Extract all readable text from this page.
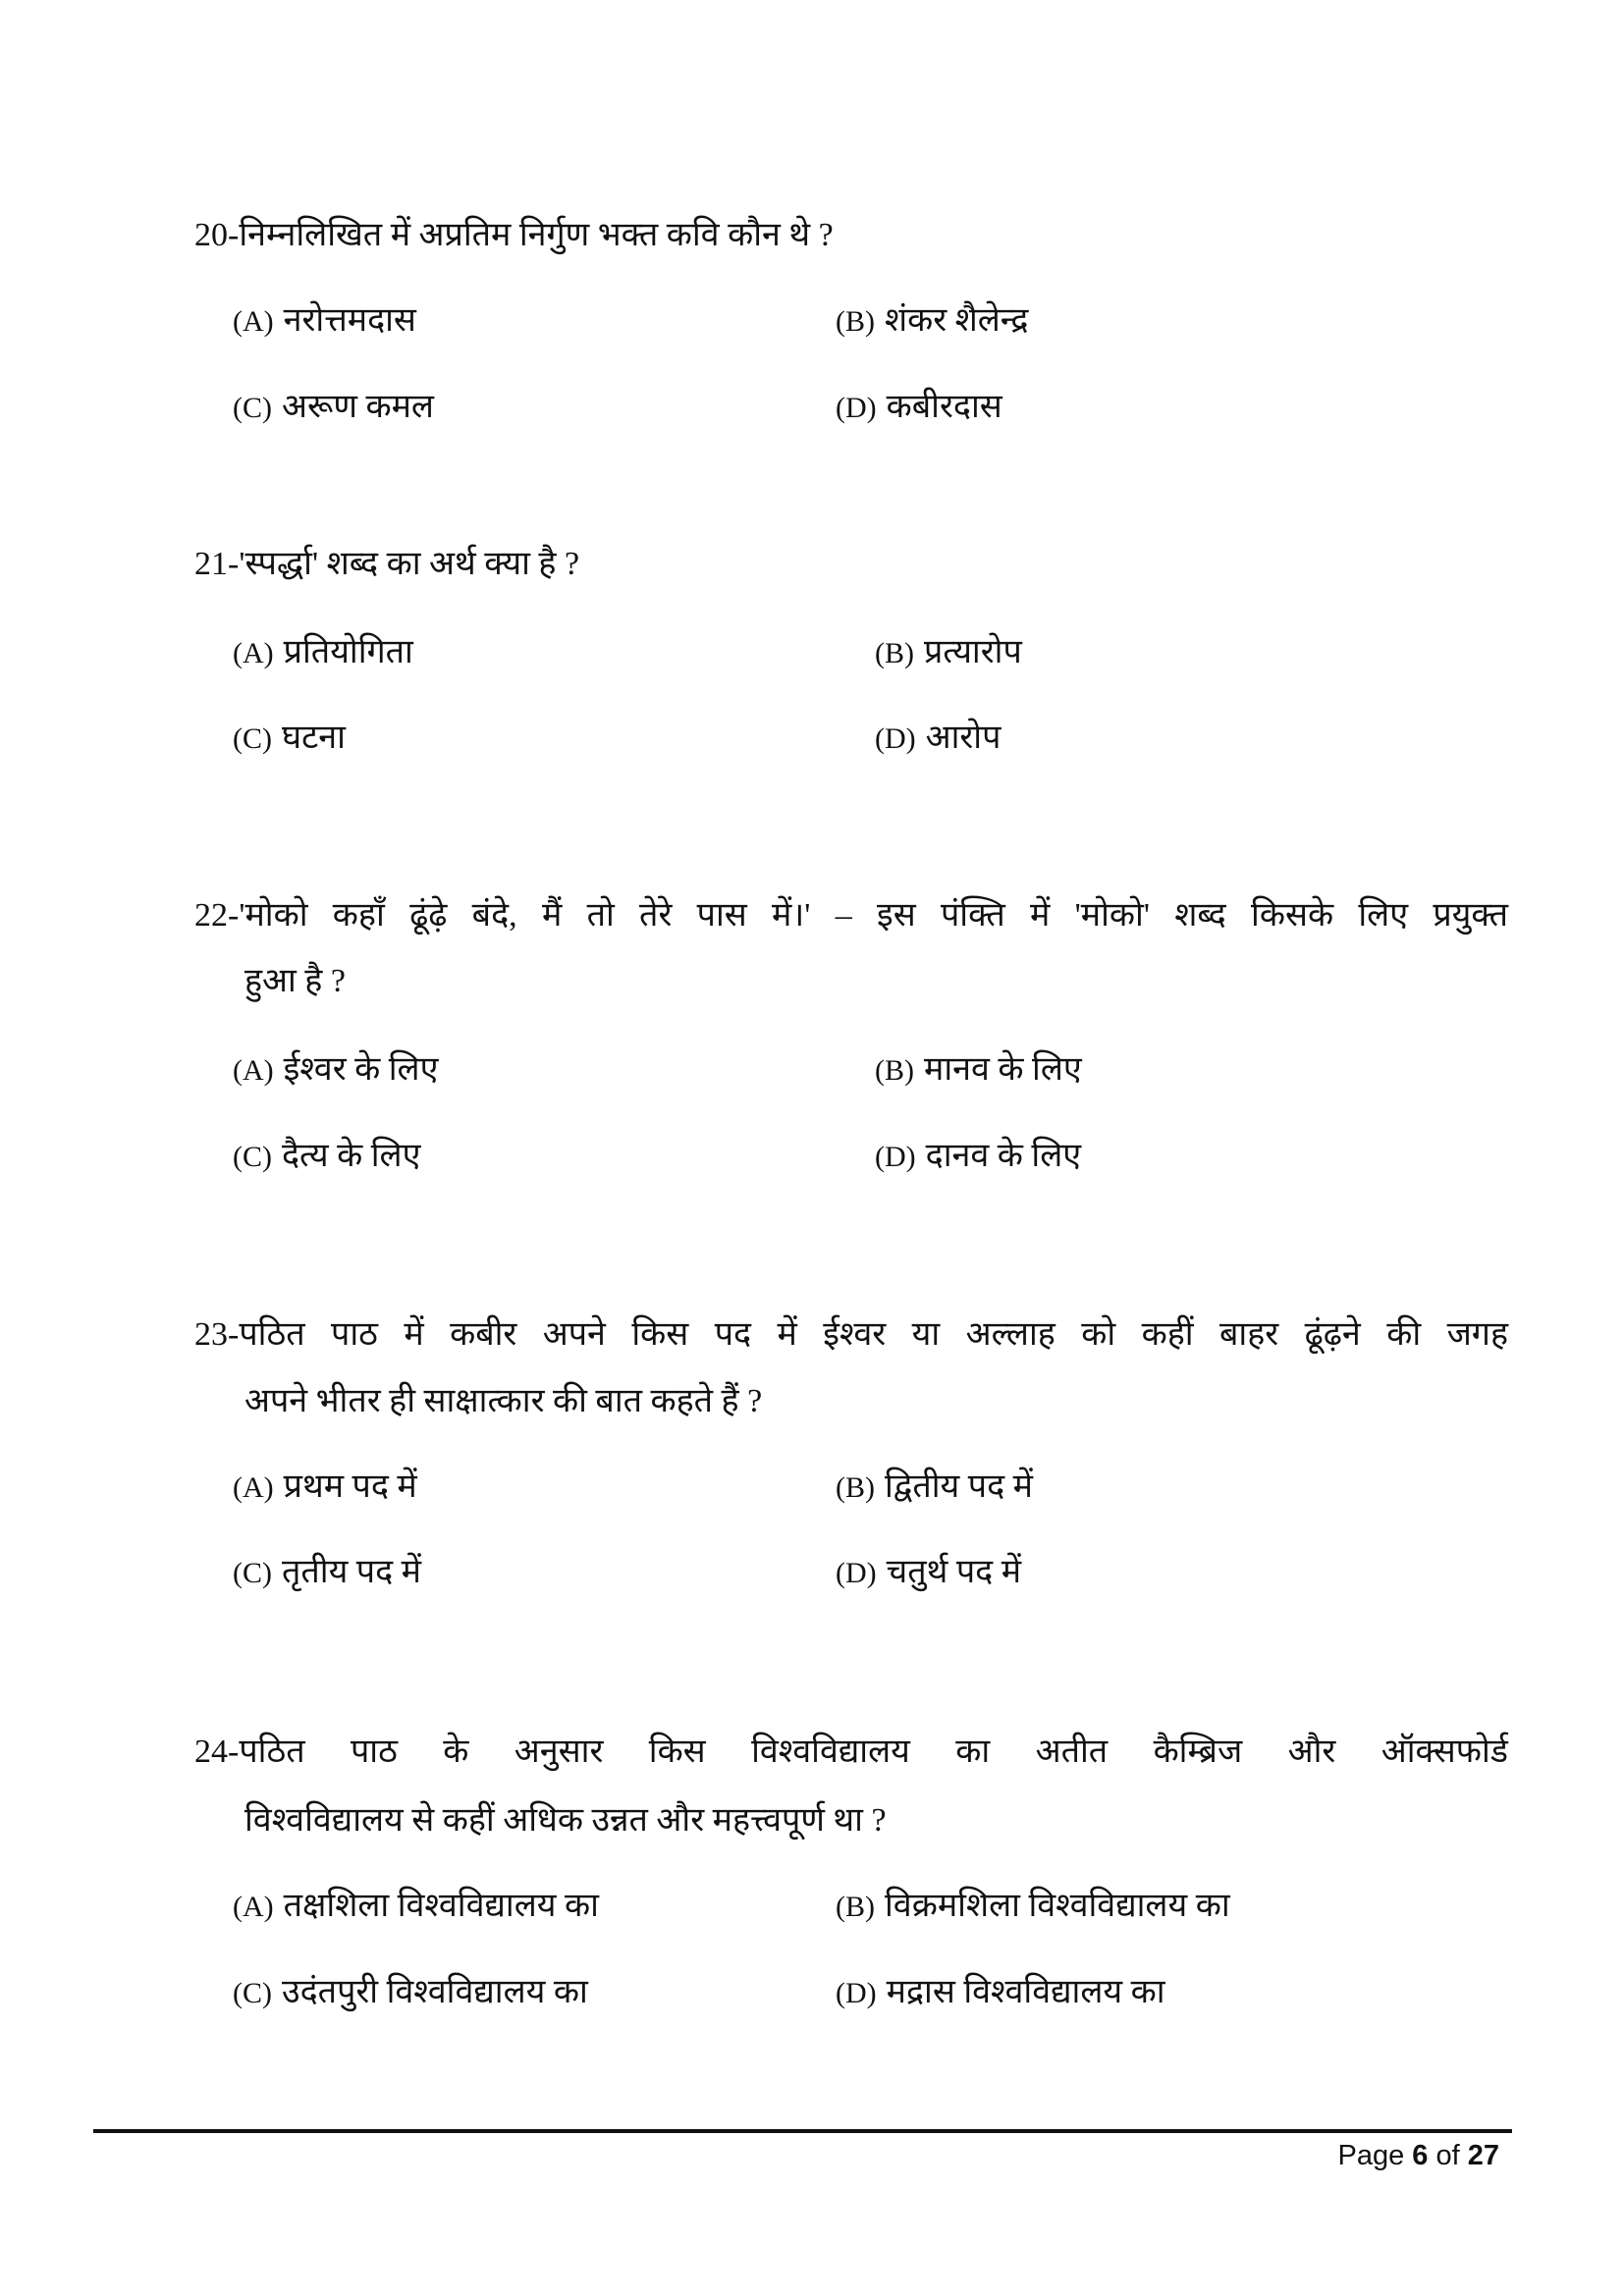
20-निम्नलिखित में अप्रतिम निर्गुण भक्त कवि कौन थे ?
(A) नरोत्तमदास	(B) शंकर शैलेन्द्र
(C) अरूण कमल	(D) कबीरदास
21-'स्पर्द्धा' शब्द का अर्थ क्या है ?
(A) प्रतियोगिता	(B) प्रत्यारोप
(C) घटना	(D) आरोप
22-'मोको कहाँ ढूंढ़े बंदे, मैं तो तेरे पास में।' – इस पंक्ति में 'मोको' शब्द किसके लिए प्रयुक्त
हुआ है ?
(A) ईश्वर के लिए	(B) मानव के लिए
(C) दैत्य के लिए	(D) दानव के लिए
23-पठित पाठ में कबीर अपने किस पद में ईश्वर या अल्लाह को कहीं बाहर ढूंढ़ने की जगह
अपने भीतर ही साक्षात्कार की बात कहते हैं ?
(A) प्रथम पद में	(B) द्वितीय पद में
(C) तृतीय पद में	(D) चतुर्थ पद में
24-पठित पाठ के अनुसार किस विश्वविद्यालय का अतीत कैम्ब्रिज और ऑक्सफोर्ड
विश्वविद्यालय से कहीं अधिक उन्नत और महत्त्वपूर्ण था ?
(A) तक्षशिला विश्वविद्यालय का	(B) विक्रमशिला विश्वविद्यालय का
(C) उदंतपुरी विश्वविद्यालय का	(D) मद्रास विश्वविद्यालय का
Page 6 of 27
